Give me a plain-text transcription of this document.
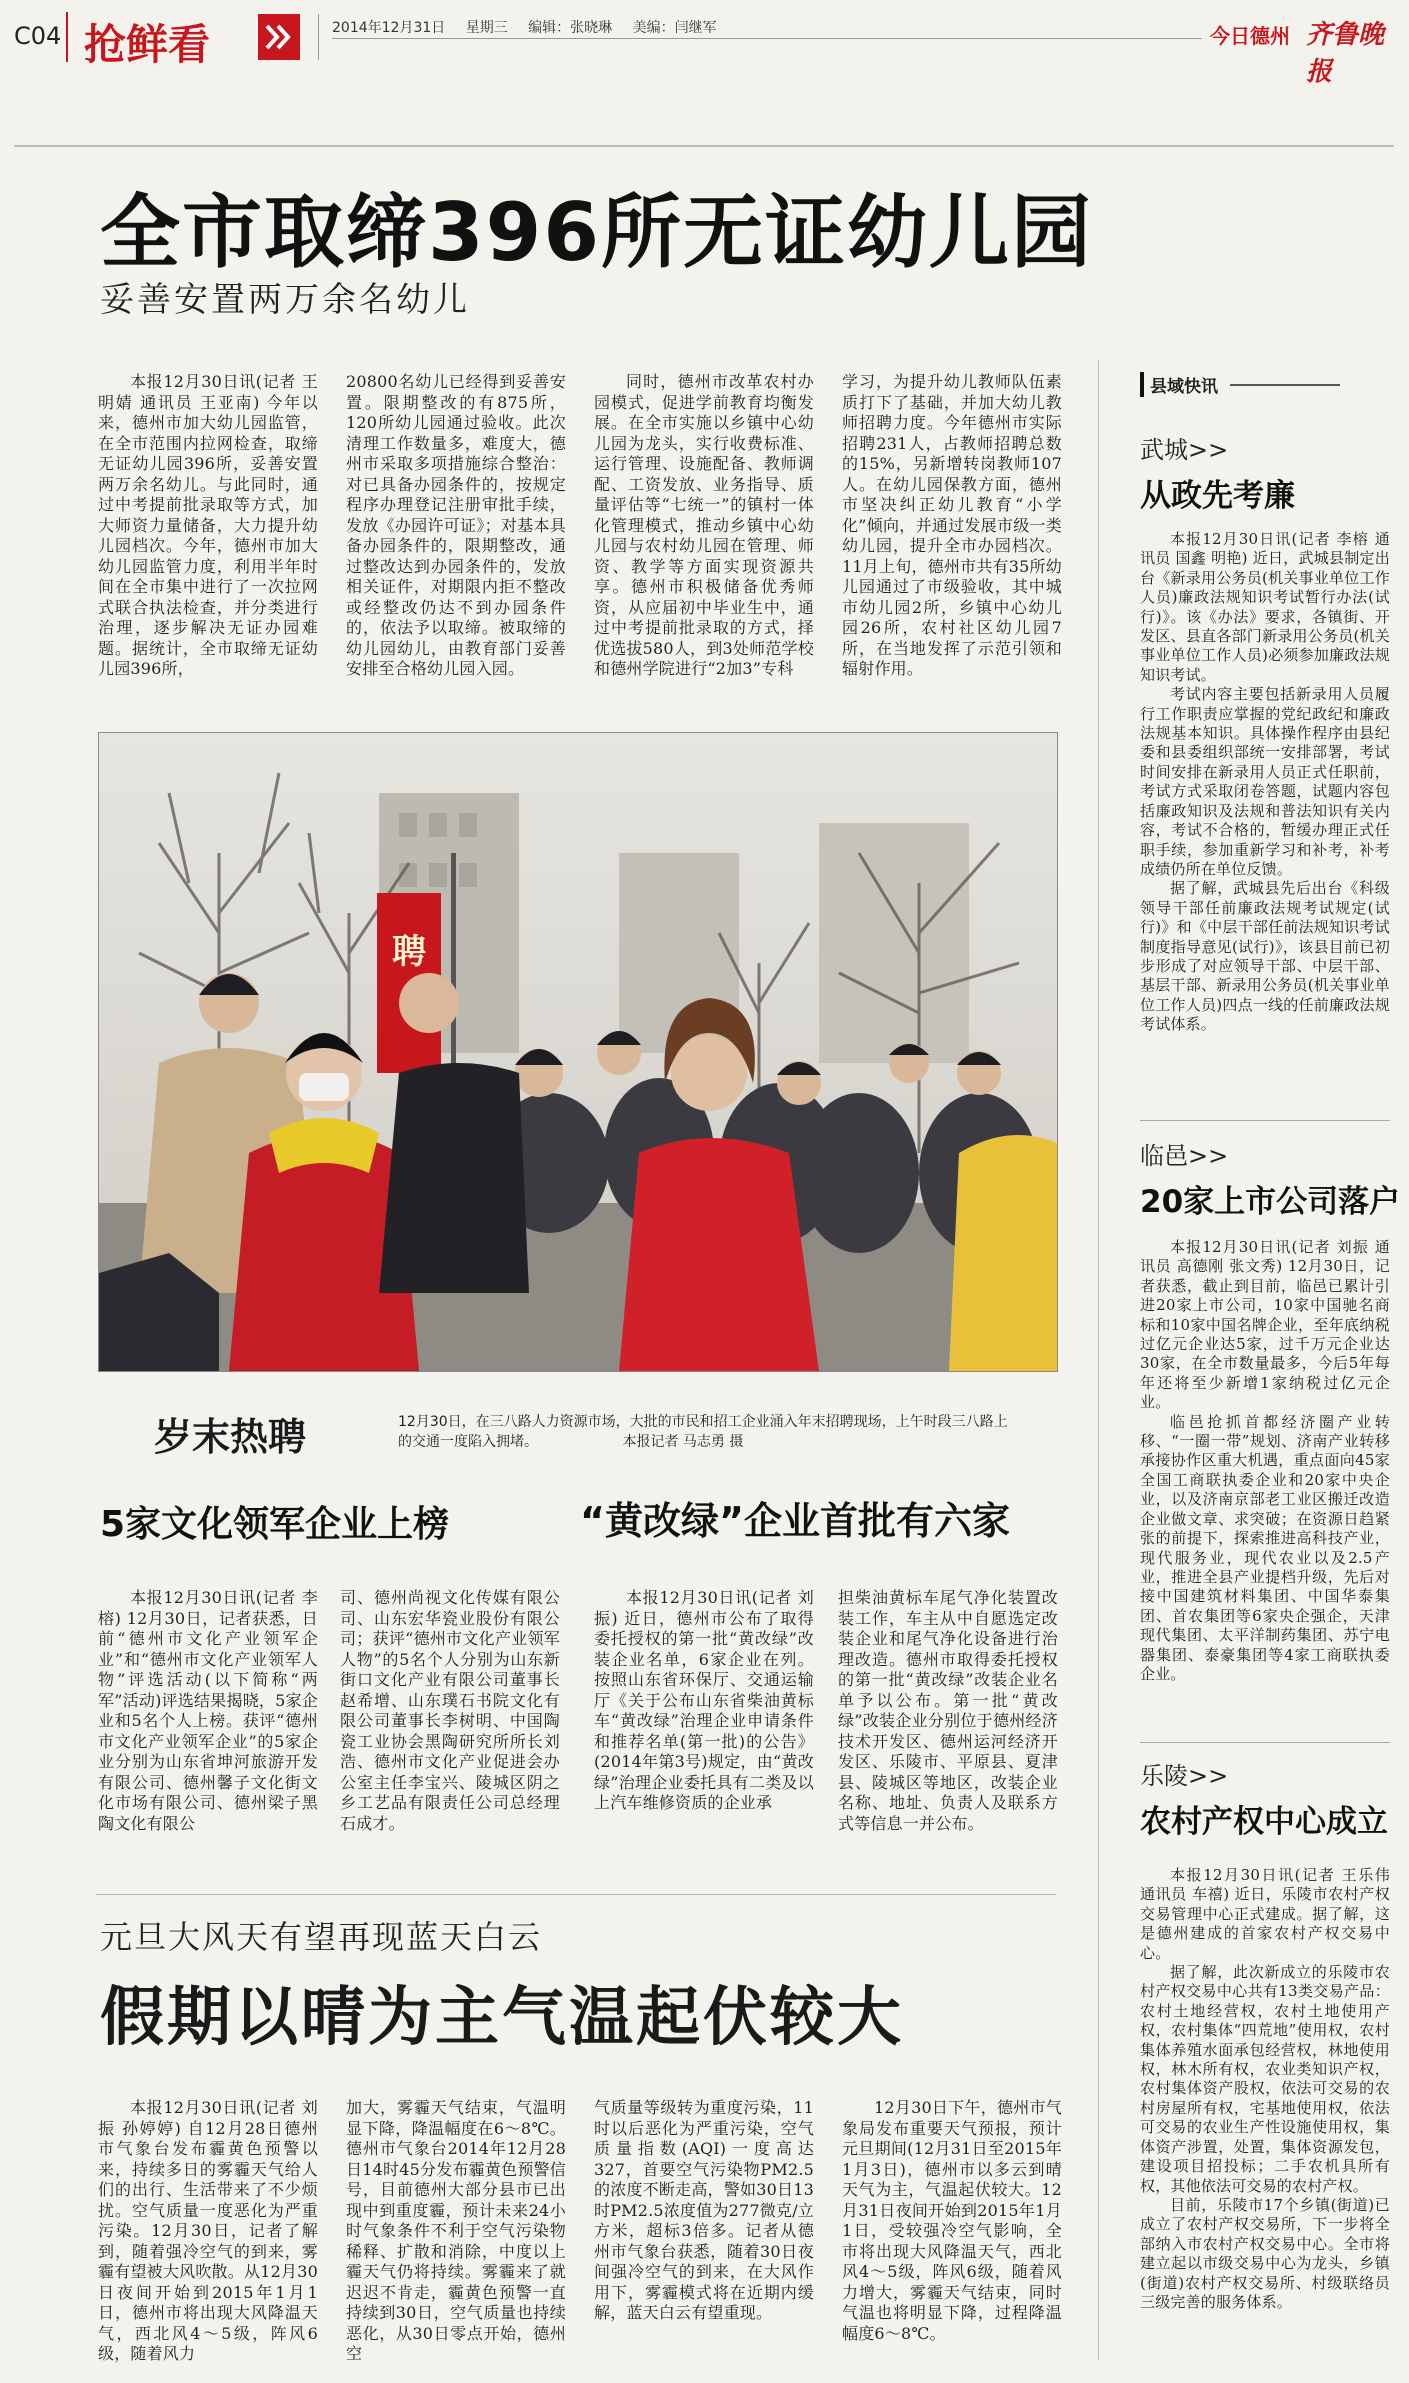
C04 抢鲜看	2014年12月31日 星期三 编辑：张晓琳 美编：闫继军	今日德州 齐鲁晚报
全市取缔396所无证幼儿园
妥善安置两万余名幼儿

本报12月30日讯(记者 王明婧 通讯员 王亚南) 今年以来，德州市加大幼儿园监管，在全市范围内拉网检查，取缔无证幼儿园396所，妥善安置两万余名幼儿。与此同时，通过中考提前批录取等方式，加大师资力量储备，大力提升幼儿园档次。今年，德州市加大幼儿园监管力度，利用半年时间在全市集中进行了一次拉网式联合执法检查，并分类进行治理，逐步解决无证办园难题。据统计，全市取缔无证幼儿园396所，

20800名幼儿已经得到妥善安置。限期整改的有875所，120所幼儿园通过验收。此次清理工作数量多，难度大，德州市采取多项措施综合整治：对已具备办园条件的，按规定程序办理登记注册审批手续，发放《办园许可证》；对基本具备办园条件的，限期整改，通过整改达到办园条件的，发放相关证件，对期限内拒不整改或经整改仍达不到办园条件的，依法予以取缔。被取缔的幼儿园幼儿，由教育部门妥善安排至合格幼儿园入园。

同时，德州市改革农村办园模式，促进学前教育均衡发展。在全市实施以乡镇中心幼儿园为龙头，实行收费标准、运行管理、设施配备、教师调配、工资发放、业务指导、质量评估等“七统一”的镇村一体化管理模式，推动乡镇中心幼儿园与农村幼儿园在管理、师资、教学等方面实现资源共享。德州市积极储备优秀师资，从应届初中毕业生中，通过中考提前批录取的方式，择优选拔580人，到3处师范学校和德州学院进行“2加3”专科

学习，为提升幼儿教师队伍素质打下了基础，并加大幼儿教师招聘力度。今年德州市实际招聘231人，占教师招聘总数的15%，另新增转岗教师107人。在幼儿园保教方面，德州市坚决纠正幼儿教育“小学化”倾向，并通过发展市级一类幼儿园，提升全市办园档次。11月上旬，德州市共有35所幼儿园通过了市级验收，其中城市幼儿园2所，乡镇中心幼儿园26所，农村社区幼儿园7所，在当地发挥了示范引领和辐射作用。

聘
岁末热聘	12月30日，在三八路人力资源市场，大批的市民和招工企业涌入年末招聘现场，上午时段三八路上的交通一度陷入拥堵。	本报记者 马志勇 摄
5家文化领军企业上榜	“黄改绿”企业首批有六家

本报12月30日讯(记者 李榕) 12月30日，记者获悉，日前“德州市文化产业领军企业”和“德州市文化产业领军人物”评选活动(以下简称“两军”活动)评选结果揭晓，5家企业和5名个人上榜。获评“德州市文化产业领军企业”的5家企业分别为山东省坤河旅游开发有限公司、德州馨子文化街文化市场有限公司、德州梁子黑陶文化有限公

司、德州尚视文化传媒有限公司、山东宏华瓷业股份有限公司；获评“德州市文化产业领军人物”的5名个人分别为山东新街口文化产业有限公司董事长赵希增、山东璞石书院文化有限公司董事长李树明、中国陶瓷工业协会黑陶研究所所长刘浩、德州市文化产业促进会办公室主任李宝兴、陵城区阴之乡工艺品有限责任公司总经理石成才。

本报12月30日讯(记者 刘振) 近日，德州市公布了取得委托授权的第一批“黄改绿”改装企业名单，6家企业在列。按照山东省环保厅、交通运输厅《关于公布山东省柴油黄标车“黄改绿”治理企业申请条件和推荐名单(第一批)的公告》(2014年第3号)规定，由“黄改绿”治理企业委托具有二类及以上汽车维修资质的企业承

担柴油黄标车尾气净化装置改装工作，车主从中自愿选定改装企业和尾气净化设备进行治理改造。德州市取得委托授权的第一批“黄改绿”改装企业名单予以公布。第一批“黄改绿”改装企业分别位于德州经济技术开发区、德州运河经济开发区、乐陵市、平原县、夏津县、陵城区等地区，改装企业名称、地址、负责人及联系方式等信息一并公布。

元旦大风天有望再现蓝天白云
假期以晴为主气温起伏较大

本报12月30日讯(记者 刘振 孙婷婷) 自12月28日德州市气象台发布霾黄色预警以来，持续多日的雾霾天气给人们的出行、生活带来了不少烦扰。空气质量一度恶化为严重污染。12月30日，记者了解到，随着强冷空气的到来，雾霾有望被大风吹散。从12月30日夜间开始到2015年1月1日，德州市将出现大风降温天气，西北风4～5级，阵风6级，随着风力

加大，雾霾天气结束，气温明显下降，降温幅度在6～8℃。德州市气象台2014年12月28日14时45分发布霾黄色预警信号，目前德州大部分县市已出现中到重度霾，预计未来24小时气象条件不利于空气污染物稀释、扩散和消除，中度以上霾天气仍将持续。雾霾来了就迟迟不肯走，霾黄色预警一直持续到30日，空气质量也持续恶化，从30日零点开始，德州空

气质量等级转为重度污染，11时以后恶化为严重污染，空气质量指数(AQI)一度高达327，首要空气污染物PM2.5的浓度不断走高，警如30日13时PM2.5浓度值为277微克/立方米，超标3倍多。记者从德州市气象台获悉，随着30日夜间强冷空气的到来，在大风作用下，雾霾模式将在近期内缓解，蓝天白云有望重现。

12月30日下午，德州市气象局发布重要天气预报，预计元旦期间(12月31日至2015年1月3日)，德州市以多云到晴天气为主，气温起伏较大。12月31日夜间开始到2015年1月1日，受较强冷空气影响，全市将出现大风降温天气，西北风4～5级，阵风6级，随着风力增大，雾霾天气结束，同时气温也将明显下降，过程降温幅度6～8℃。

县域快讯
武城>>
从政先考廉

本报12月30日讯(记者 李榕 通讯员 国鑫 明艳) 近日，武城县制定出台《新录用公务员(机关事业单位工作人员)廉政法规知识考试暂行办法(试行)》。该《办法》要求，各镇街、开发区、县直各部门新录用公务员(机关事业单位工作人员)必须参加廉政法规知识考试。

考试内容主要包括新录用人员履行工作职责应掌握的党纪政纪和廉政法规基本知识。具体操作程序由县纪委和县委组织部统一安排部署，考试时间安排在新录用人员正式任职前，考试方式采取闭卷答题，试题内容包括廉政知识及法规和普法知识有关内容，考试不合格的，暂缓办理正式任职手续，参加重新学习和补考，补考成绩仍所在单位反馈。

据了解，武城县先后出台《科级领导干部任前廉政法规考试规定(试行)》和《中层干部任前法规知识考试制度指导意见(试行)》，该县目前已初步形成了对应领导干部、中层干部、基层干部、新录用公务员(机关事业单位工作人员)四点一线的任前廉政法规考试体系。

临邑>>
20家上市公司落户

本报12月30日讯(记者 刘振 通讯员 高德刚 张文秀) 12月30日，记者获悉，截止到目前，临邑已累计引进20家上市公司，10家中国驰名商标和10家中国名牌企业，至年底纳税过亿元企业达5家，过千万元企业达30家，在全市数量最多，今后5年每年还将至少新增1家纳税过亿元企业。

临邑抢抓首都经济圈产业转移、“一圈一带”规划、济南产业转移承接协作区重大机遇，重点面向45家全国工商联执委企业和20家中央企业，以及济南京部老工业区搬迁改造企业做文章、求突破；在资源日趋紧张的前提下，探索推进高科技产业，现代服务业，现代农业以及2.5产业，推进全县产业提档升级，先后对接中国建筑材料集团、中国华泰集团、首农集团等6家央企强企，天津现代集团、太平洋制药集团、苏宁电器集团、泰豪集团等4家工商联执委企业。

乐陵>>
农村产权中心成立

本报12月30日讯(记者 王乐伟 通讯员 车禧) 近日，乐陵市农村产权交易管理中心正式建成。据了解，这是德州建成的首家农村产权交易中心。

据了解，此次新成立的乐陵市农村产权交易中心共有13类交易产品：农村土地经营权，农村土地使用产权，农村集体“四荒地”使用权，农村集体养殖水面承包经营权，林地使用权，林木所有权，农业类知识产权，农村集体资产股权，依法可交易的农村房屋所有权，宅基地使用权，依法可交易的农业生产性设施使用权，集体资产涉置，处置，集体资源发包，建设项目招投标；二手农机具所有权，其他依法可交易的农村产权。

目前，乐陵市17个乡镇(街道)已成立了农村产权交易所，下一步将全部纳入市农村产权交易中心。全市将建立起以市级交易中心为龙头，乡镇(街道)农村产权交易所、村级联络员三级完善的服务体系。
